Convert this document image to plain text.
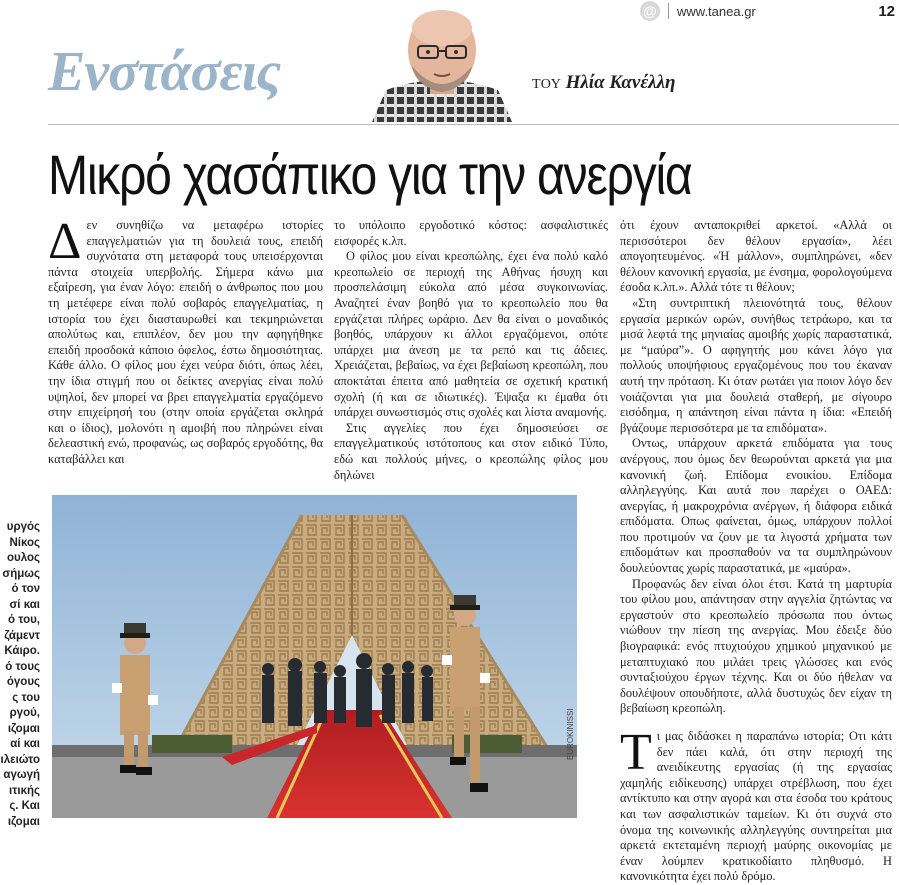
@ www.tanea.gr	12
Ενστάσεις	ΤΟΥ Ηλία Κανέλλη
Μικρό χασάπικο για την ανεργία

Δεν συνηθίζω να μεταφέρω ιστορίες επαγγελματιών για τη δουλειά τους, επειδή συχνότατα στη μεταφορά τους υπεισέρχονται πάντα στοιχεία υπερβολής. Σήμερα κάνω μια εξαίρεση, για έναν λόγο: επειδή ο άνθρωπος που μου τη μετέφερε είναι πολύ σοβαρός επαγγελματίας, η ιστορία του έχει διασταυρωθεί και τεκμηριώνεται απολύτως και, επιπλέον, δεν μου την αφηγήθηκε επειδή προσδοκά κάποιο όφελος, έστω δημοσιότητας. Κάθε άλλο. Ο φίλος μου έχει νεύρα διότι, όπως λέει, την ίδια στιγμή που οι δείκτες ανεργίας είναι πολύ υψηλοί, δεν μπορεί να βρει επαγγελματία εργαζόμενο στην επιχείρησή του (στην οποία εργάζεται σκληρά και ο ίδιος), μολονότι η αμοιβή που πληρώνει είναι δελεαστική ενώ, προφανώς, ως σοβαρός εργοδότης, θα καταβάλλει και

το υπόλοιπο εργοδοτικό κόστος: ασφαλιστικές εισφορές κ.λπ.

Ο φίλος μου είναι κρεοπώλης, έχει ένα πολύ καλό κρεοπωλείο σε περιοχή της Αθήνας ήσυχη και προσπελάσιμη εύκολα από μέσα συγκοινωνίας. Αναζητεί έναν βοηθό για το κρεοπωλείο που θα εργάζεται πλήρες ωράριο. Δεν θα είναι ο μοναδικός βοηθός, υπάρχουν κι άλλοι εργαζόμενοι, οπότε υπάρχει μια άνεση με τα ρεπό και τις άδειες. Χρειάζεται, βεβαίως, να έχει βεβαίωση κρεοπώλη, που αποκτάται έπειτα από μαθητεία σε σχετική κρατική σχολή (ή και σε ιδιωτικές). Έψαξα κι έμαθα ότι υπάρχει συνωστισμός στις σχολές και λίστα αναμονής.

Στις αγγελίες που έχει δημοσιεύσει σε επαγγελματικούς ιστότοπους και στον ειδικό Τύπο, εδώ και πολλούς μήνες, ο κρεοπώλης φίλος μου δηλώνει

ότι έχουν ανταποκριθεί αρκετοί. «Αλλά οι περισσότεροι δεν θέλουν εργασία», λέει απογοητευμένος. «Ή μάλλον», συμπληρώνει, «δεν θέλουν κανονική εργασία, με ένσημα, φορολογούμενα έσοδα κ.λπ.». Αλλά τότε τι θέλουν;

«Στη συντριπτική πλειονότητά τους, θέλουν εργασία μερικών ωρών, συνήθως τετράωρο, και τα μισά λεφτά της μηνιαίας αμοιβής χωρίς παραστατικά, με “μαύρα”». Ο αφηγητής μου κάνει λόγο για πολλούς υποψήφιους εργαζομένους που του έκαναν αυτή την πρόταση. Κι όταν ρωτάει για ποιον λόγο δεν νοιάζονται για μια δουλειά σταθερή, με σίγουρο εισόδημα, η απάντηση είναι πάντα η ίδια: «Επειδή βγάζουμε περισσότερα με τα επιδόματα».

Οντως, υπάρχουν αρκετά επιδόματα για τους ανέργους, που όμως δεν θεωρούνται αρκετά για μια κανονική ζωή. Επίδομα ενοικίου. Επίδομα αλληλεγγύης. Και αυτά που παρέχει ο ΟΑΕΔ: ανεργίας, ή μακροχρόνια ανέργων, ή διάφορα ειδικά επιδόματα. Οπως φαίνεται, όμως, υπάρχουν πολλοί που προτιμούν να ζουν με τα λιγοστά χρήματα των επιδομάτων και προσπαθούν να τα συμπληρώνουν δουλεύοντας χωρίς παραστατικά, με «μαύρα».

Προφανώς δεν είναι όλοι έτσι. Κατά τη μαρτυρία του φίλου μου, απάντησαν στην αγγελία ζητώντας να εργαστούν στο κρεοπωλείο πρόσωπα που όντως νιώθουν την πίεση της ανεργίας. Μου έδειξε δύο βιογραφικά: ενός πτυχιούχου χημικού μηχανικού με μεταπτυχιακό που μιλάει τρεις γλώσσες και ενός συνταξιούχου έργων τέχνης. Και οι δύο ήθελαν να δουλέψουν οπουδήποτε, αλλά δυστυχώς δεν είχαν τη βεβαίωση κρεοπώλη.

Τι μας διδάσκει η παραπάνω ιστορία; Οτι κάτι δεν πάει καλά, ότι στην περιοχή της ανειδίκευτης εργασίας (ή της εργασίας χαμηλής ειδίκευσης) υπάρχει στρέβλωση, που έχει αντίκτυπο και στην αγορά και στα έσοδα του κράτους και των ασφαλιστικών ταμείων. Κι ότι συχνά στο όνομα της κοινωνικής αλληλεγγύης συντηρείται μια αρκετά εκτεταμένη περιοχή μαύρης οικονομίας με έναν λούμπεν κρατικοδίαιτο πληθυσμό. Η κανονικότητα έχει πολύ δρόμο.

υργός
Νίκος
ουλος
σήμως
ό τον
σί και
ό του,
ζάμεντ
Κάιρο.
ό τους
όγους
ς του
ργού,
ιζομαι
αί και
ιλειώτο
αγωγή
ιτικής
ς. Και
ιζομαι
EUROKINISSI
